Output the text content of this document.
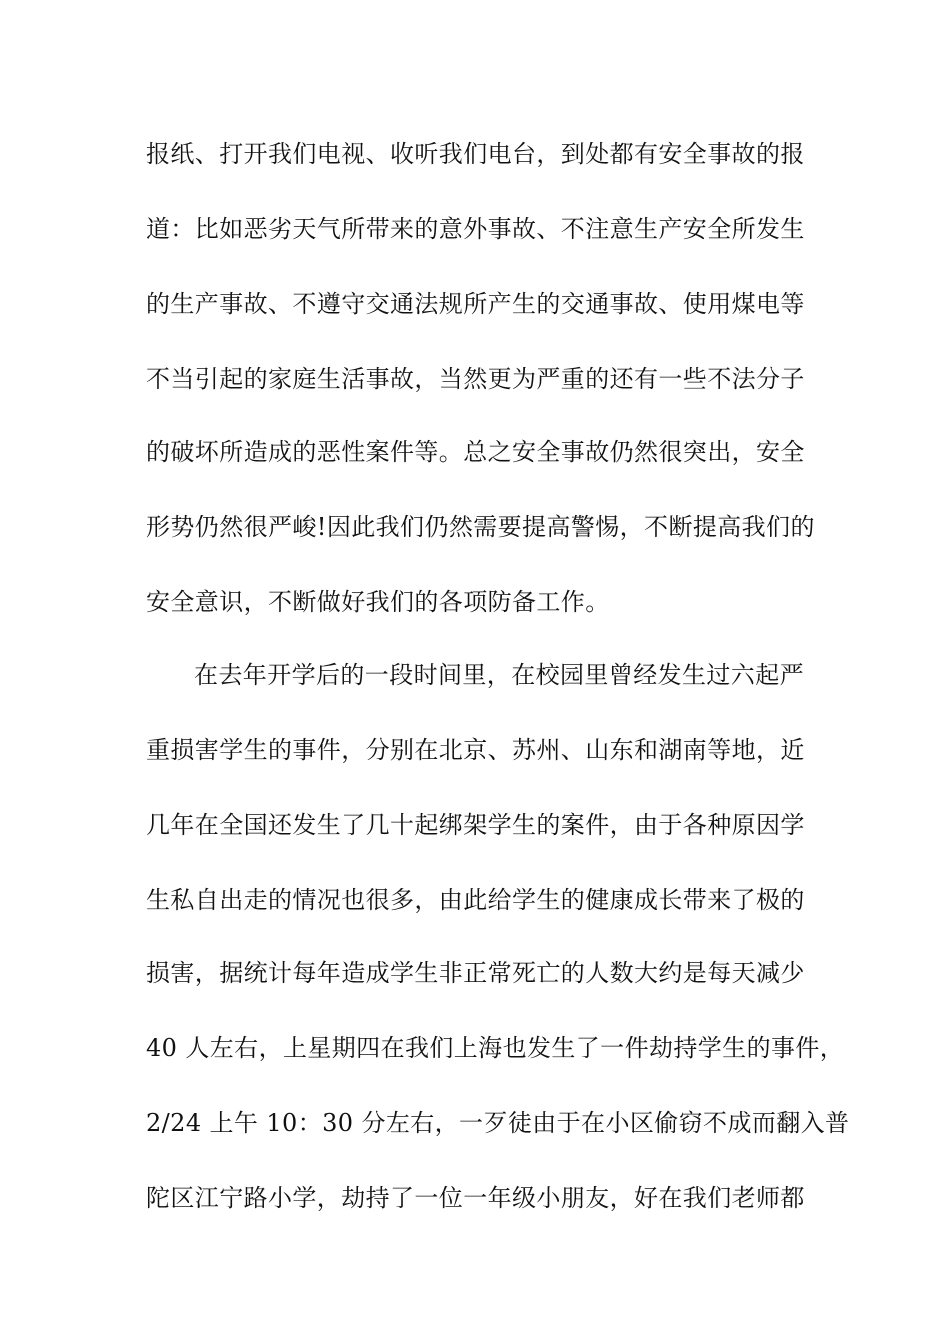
报纸、打开我们电视、收听我们电台，到处都有安全事故的报
道：比如恶劣天气所带来的意外事故、不注意生产安全所发生
的生产事故、不遵守交通法规所产生的交通事故、使用煤电等
不当引起的家庭生活事故，当然更为严重的还有一些不法分子
的破坏所造成的恶性案件等。总之安全事故仍然很突出，安全
形势仍然很严峻!因此我们仍然需要提高警惕，不断提高我们的
安全意识，不断做好我们的各项防备工作。
在去年开学后的一段时间里，在校园里曾经发生过六起严
重损害学生的事件，分别在北京、苏州、山东和湖南等地，近
几年在全国还发生了几十起绑架学生的案件，由于各种原因学
生私自出走的情况也很多，由此给学生的健康成长带来了极的
损害，据统计每年造成学生非正常死亡的人数大约是每天减少
40 人左右，上星期四在我们上海也发生了一件劫持学生的事件，
2/24 上午 10：30 分左右，一歹徒由于在小区偷窃不成而翻入普
陀区江宁路小学，劫持了一位一年级小朋友，好在我们老师都
